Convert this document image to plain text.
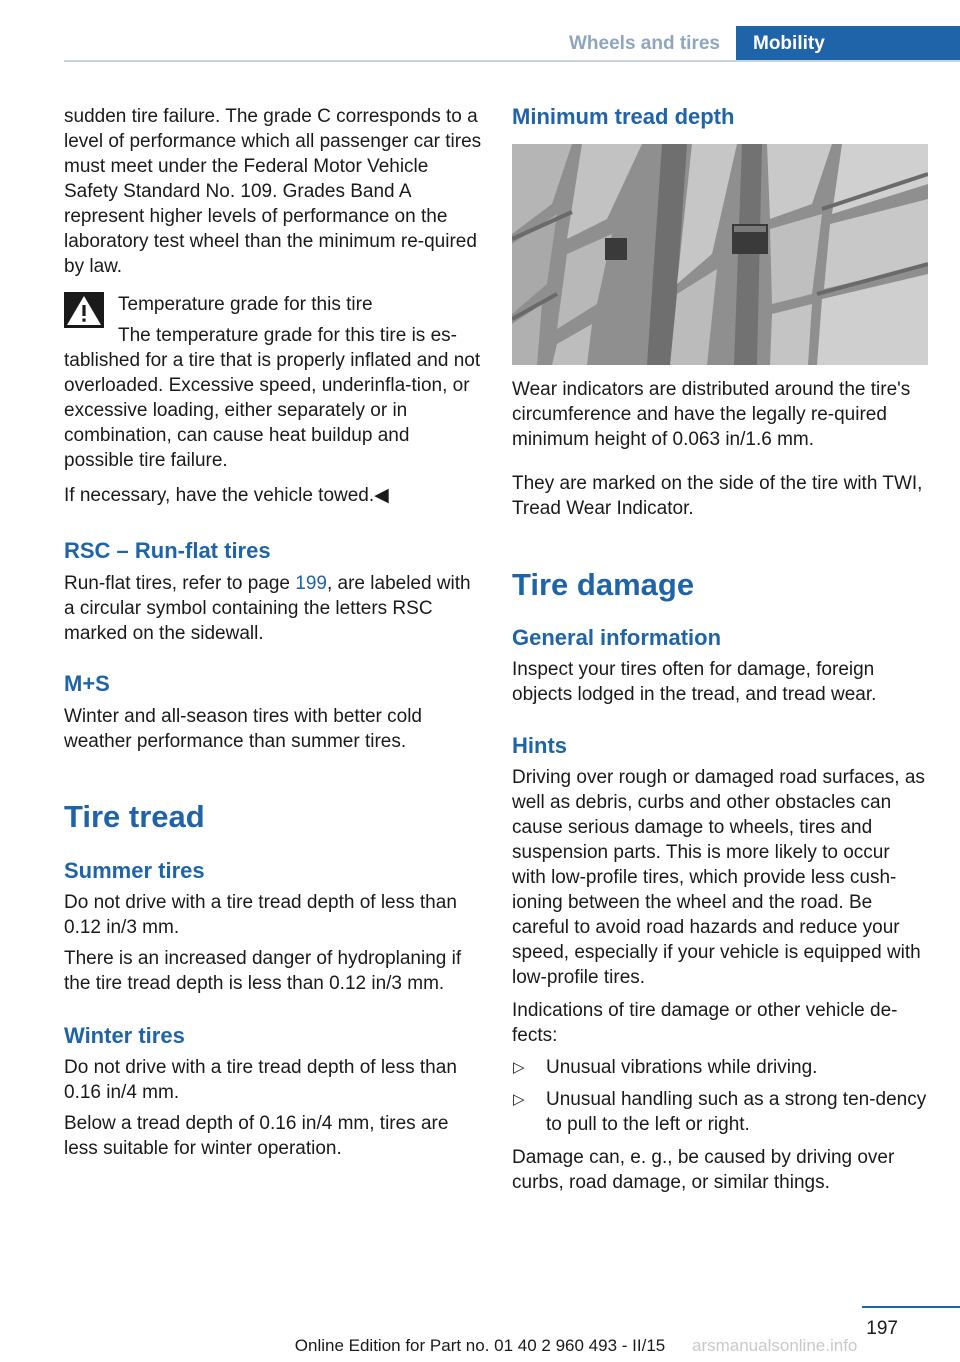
Wheels and tires	Mobility

sudden tire failure. The grade C corresponds to a level of performance which all passenger car tires must meet under the Federal Motor Vehicle Safety Standard No. 109. Grades Band A represent higher levels of performance on the laboratory test wheel than the minimum re‐quired by law.

Temperature grade for this tire

The temperature grade for this tire is es‐tablished for a tire that is properly inflated and not overloaded. Excessive speed, underinfla‐tion, or excessive loading, either separately or in combination, can cause heat buildup and possible tire failure.

If necessary, have the vehicle towed.◀

RSC – Run-flat tires

Run-flat tires, refer to page 199, are labeled with a circular symbol containing the letters RSC marked on the sidewall.

M+S

Winter and all-season tires with better cold weather performance than summer tires.

Tire tread
Summer tires

Do not drive with a tire tread depth of less than 0.12 in/3 mm.

There is an increased danger of hydroplaning if the tire tread depth is less than 0.12 in/3 mm.

Winter tires

Do not drive with a tire tread depth of less than 0.16 in/4 mm.

Below a tread depth of 0.16 in/4 mm, tires are less suitable for winter operation.

Minimum tread depth

Wear indicators are distributed around the tire's circumference and have the legally re‐quired minimum height of 0.063 in/1.6 mm.

They are marked on the side of the tire with TWI, Tread Wear Indicator.

Tire damage
General information

Inspect your tires often for damage, foreign objects lodged in the tread, and tread wear.

Hints

Driving over rough or damaged road surfaces, as well as debris, curbs and other obstacles can cause serious damage to wheels, tires and suspension parts. This is more likely to occur with low-profile tires, which provide less cush‐ioning between the wheel and the road. Be careful to avoid road hazards and reduce your speed, especially if your vehicle is equipped with low-profile tires.

Indications of tire damage or other vehicle de‐fects:

▷ Unusual vibrations while driving.

▷ Unusual handling such as a strong ten‐dency to pull to the left or right.

Damage can, e. g., be caused by driving over curbs, road damage, or similar things.

197
Online Edition for Part no. 01 40 2 960 493 - II/15	arsmanualsonline.info
